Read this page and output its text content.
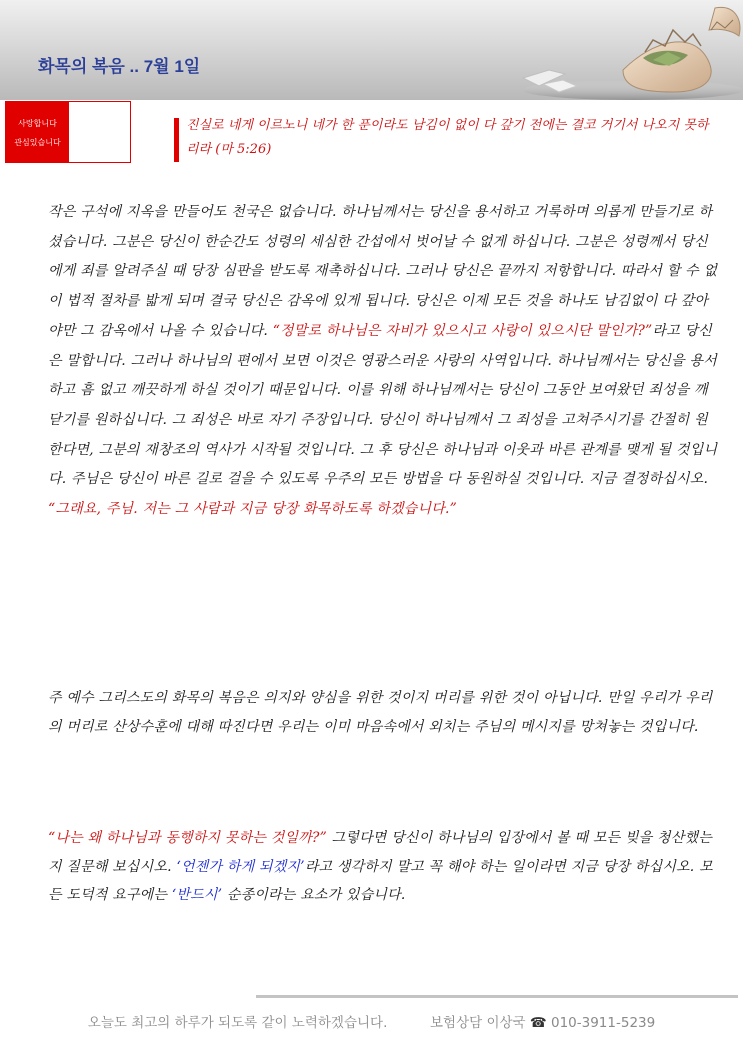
화목의 복음 .. 7월 1일
사랑합니다
관심있습니다
진실로 네게 이르노니 네가 한 푼이라도 남김이 없이 다 갚기 전에는 결코 거기서 나오지 못하리라 (마 5:26)
작은 구석에 지옥을 만들어도 천국은 없습니다. 하나님께서는 당신을 용서하고 거룩하며 의롭게 만들기로 하셨습니다. 그분은 당신이 한순간도 성령의 세심한 간섭에서 벗어날 수 없게 하십니다. 그분은 성령께서 당신에게 죄를 알려주실 때 당장 심판을 받도록 재촉하십니다. 그러나 당신은 끝까지 저항합니다. 따라서 할 수 없이 법적 절차를 밟게 되며 결국 당신은 감옥에 있게 됩니다. 당신은 이제 모든 것을 하나도 남김없이 다 갚아야만 그 감옥에서 나올 수 있습니다. “정말로 하나님은 자비가 있으시고 사랑이 있으시단 말인가?”라고 당신은 말합니다. 그러나 하나님의 편에서 보면 이것은 영광스러운 사랑의 사역입니다. 하나님께서는 당신을 용서하고 흠 없고 깨끗하게 하실 것이기 때문입니다. 이를 위해 하나님께서는 당신이 그동안 보여왔던 죄성을 깨닫기를 원하십니다. 그 죄성은 바로 자기 주장입니다. 당신이 하나님께서 그 죄성을 고쳐주시기를 간절히 원한다면, 그분의 재창조의 역사가 시작될 것입니다. 그 후 당신은 하나님과 이웃과 바른 관계를 맺게 될 것입니다. 주님은 당신이 바른 길로 걸을 수 있도록 우주의 모든 방법을 다 동원하실 것입니다. 지금 결정하십시오. “그래요, 주님. 저는 그 사람과 지금 당장 화목하도록 하겠습니다.”
주 예수 그리스도의 화목의 복음은 의지와 양심을 위한 것이지 머리를 위한 것이 아닙니다. 만일 우리가 우리의 머리로 산상수훈에 대해 따진다면 우리는 이미 마음속에서 외치는 주님의 메시지를 망쳐놓는 것입니다.
“나는 왜 하나님과 동행하지 못하는 것일까?” 그렇다면 당신이 하나님의 입장에서 볼 때 모든 빚을 청산했는지 질문해 보십시오. ‘언젠가 하게 되겠지’라고 생각하지 말고 꼭 해야 하는 일이라면 지금 당장 하십시오. 모든 도덕적 요구에는 ‘반드시’ 순종이라는 요소가 있습니다.
오늘도 최고의 하루가 되도록 같이 노력하겠습니다.	보험상담 이상국 ☎ 010-3911-5239
